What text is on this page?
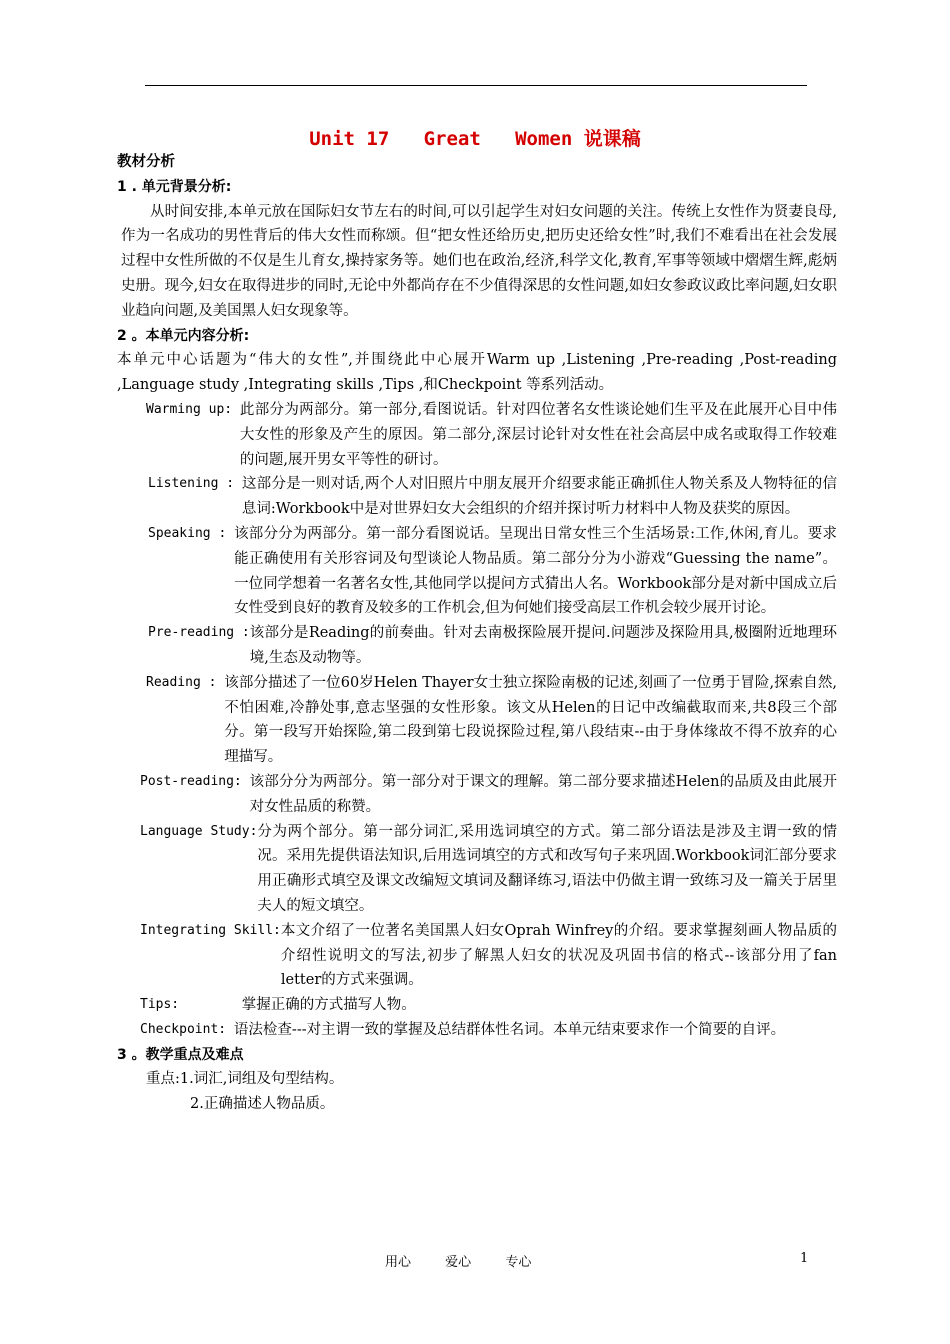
Unit 17   Great   Women 说课稿

教材分析

1 . 单元背景分析:

从时间安排,本单元放在国际妇女节左右的时间,可以引起学生对妇女问题的关注。传统上女性作为贤妻良母,作为一名成功的男性背后的伟大女性而称颂。但“把女性还给历史,把历史还给女性”时,我们不难看出在社会发展过程中女性所做的不仅是生儿育女,操持家务等。她们也在政治,经济,科学文化,教育,军事等领域中熠熠生辉,彪炳史册。现今,妇女在取得进步的同时,无论中外都尚存在不少值得深思的女性问题,如妇女参政议政比率问题,妇女职业趋向问题,及美国黑人妇女现象等。

2 。本单元内容分析:

本单元中心话题为“伟大的女性”,并围绕此中心展开Warm up ,Listening ,Pre-reading ,Post-reading ,Language study ,Integrating skills ,Tips ,和Checkpoint 等系列活动。

Warming up: 此部分为两部分。第一部分,看图说话。针对四位著名女性谈论她们生平及在此展开心目中伟大女性的形象及产生的原因。第二部分,深层讨论针对女性在社会高层中成名或取得工作较难的问题,展开男女平等性的研讨。
Listening : 这部分是一则对话,两个人对旧照片中朋友展开介绍要求能正确抓住人物关系及人物特征的信息词:Workbook中是对世界妇女大会组织的介绍并探讨听力材料中人物及获奖的原因。
Speaking : 该部分分为两部分。第一部分看图说话。呈现出日常女性三个生活场景:工作,休闲,育儿。要求能正确使用有关形容词及句型谈论人物品质。第二部分分为小游戏“Guessing the name”。一位同学想着一名著名女性,其他同学以提问方式猜出人名。Workbook部分是对新中国成立后女性受到良好的教育及较多的工作机会,但为何她们接受高层工作机会较少展开讨论。
Pre-reading : 该部分是Reading的前奏曲。针对去南极探险展开提问.问题涉及探险用具,极圈附近地理环境,生态及动物等。
Reading : 该部分描述了一位60岁Helen Thayer女士独立探险南极的记述,刻画了一位勇于冒险,探索自然,不怕困难,冷静处事,意志坚强的女性形象。该文从Helen的日记中改编截取而来,共8段三个部分。第一段写开始探险,第二段到第七段说探险过程,第八段结束--由于身体缘故不得不放弃的心理描写。
Post-reading: 该部分分为两部分。第一部分对于课文的理解。第二部分要求描述Helen的品质及由此展开对女性品质的称赞。
Language Study: 分为两个部分。第一部分词汇,采用选词填空的方式。第二部分语法是涉及主谓一致的情况。采用先提供语法知识,后用选词填空的方式和改写句子来巩固.Workbook词汇部分要求用正确形式填空及课文改编短文填词及翻译练习,语法中仍做主谓一致练习及一篇关于居里夫人的短文填空。
Integrating Skill: 本文介绍了一位著名美国黑人妇女Oprah Winfrey的介绍。要求掌握刻画人物品质的介绍性说明文的写法,初步了解黑人妇女的状况及巩固书信的格式--该部分用了fan letter的方式来强调。
Tips: 掌握正确的方式描写人物。
Checkpoint: 语法检查---对主谓一致的掌握及总结群体性名词。本单元结束要求作一个简要的自评。

3 。教学重点及难点

重点:1.词汇,词组及句型结构。

2.正确描述人物品质。

用心	爱心	专心	1
